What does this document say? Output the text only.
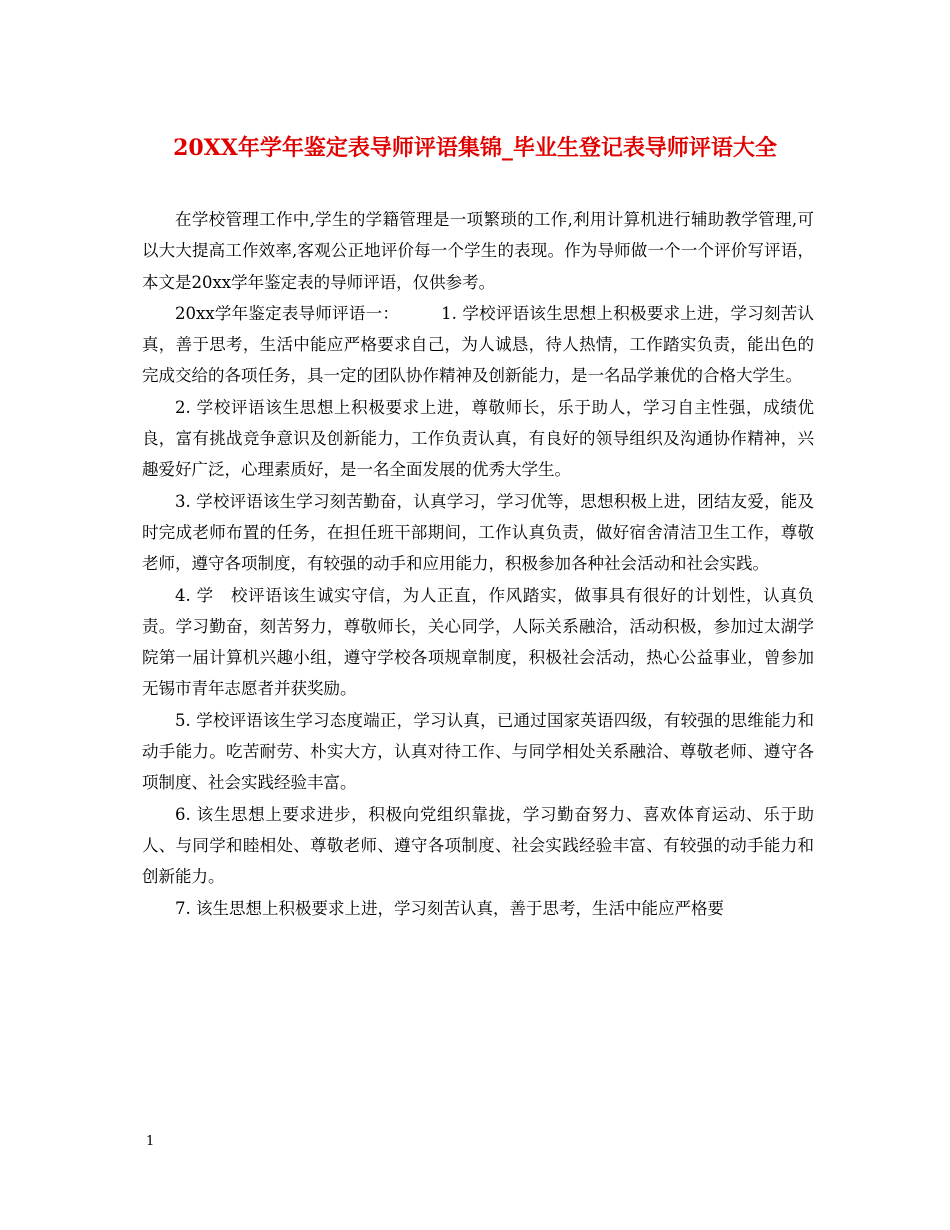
20XX年学年鉴定表导师评语集锦_毕业生登记表导师评语大全

在学校管理工作中,学生的学籍管理是一项繁琐的工作,利用计算机进行辅助教学管理,可以大大提高工作效率,客观公正地评价每一个学生的表现。作为导师做一个一个评价写评语，本文是20xx学年鉴定表的导师评语，仅供参考。

20xx学年鉴定表导师评语一：　　　1. 学校评语该生思想上积极要求上进，学习刻苦认真，善于思考，生活中能应严格要求自己，为人诚恳，待人热情，工作踏实负责，能出色的完成交给的各项任务，具一定的团队协作精神及创新能力，是一名品学兼优的合格大学生。

2. 学校评语该生思想上积极要求上进，尊敬师长，乐于助人，学习自主性强，成绩优良，富有挑战竞争意识及创新能力，工作负责认真，有良好的领导组织及沟通协作精神，兴趣爱好广泛，心理素质好，是一名全面发展的优秀大学生。

3. 学校评语该生学习刻苦勤奋，认真学习，学习优等，思想积极上进，团结友爱，能及时完成老师布置的任务，在担任班干部期间，工作认真负责，做好宿舍清洁卫生工作，尊敬老师，遵守各项制度，有较强的动手和应用能力，积极参加各种社会活动和社会实践。

4. 学　校评语该生诚实守信，为人正直，作风踏实，做事具有很好的计划性，认真负责。学习勤奋，刻苦努力，尊敬师长，关心同学，人际关系融洽，活动积极，参加过太湖学院第一届计算机兴趣小组，遵守学校各项规章制度，积极社会活动，热心公益事业，曾参加无锡市青年志愿者并获奖励。

5. 学校评语该生学习态度端正，学习认真，已通过国家英语四级，有较强的思维能力和动手能力。吃苦耐劳、朴实大方，认真对待工作、与同学相处关系融洽、尊敬老师、遵守各项制度、社会实践经验丰富。

6. 该生思想上要求进步，积极向党组织靠拢，学习勤奋努力、喜欢体育运动、乐于助人、与同学和睦相处、尊敬老师、遵守各项制度、社会实践经验丰富、有较强的动手能力和创新能力。

7. 该生思想上积极要求上进，学习刻苦认真，善于思考，生活中能应严格要

1
